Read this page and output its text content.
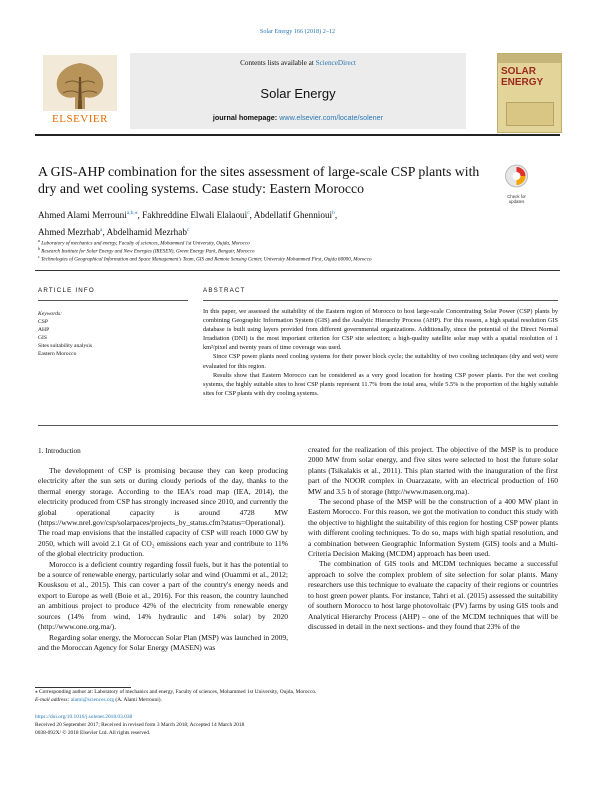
Solar Energy 166 (2018) 2–12
ELSEVIER
Contents lists available at ScienceDirect
Solar Energy
journal homepage: www.elsevier.com/locate/solener
SOLAR ENERGY
A GIS-AHP combination for the sites assessment of large-scale CSP plants with dry and wet cooling systems. Case study: Eastern Morocco
Check for updates
Ahmed Alami Merrouni$^{a,b,⁎}$, Fakhreddine Elwali Elalaoui$^c$, Abdellatif Ghennioui$^b$,
Ahmed Mezrhab$^a$, Abdelhamid Mezrhab$^c$
$^a$ Laboratory of mechanics and energy, Faculty of sciences, Mohammed 1st University, Oujda, Morocco
$^b$ Research Institute for Solar Energy and New Energies (IRESEN), Green Energy Park, Benguir, Morocco
$^c$ Technologies of Geographical Information and Space Management's Team, GIS and Remote Sensing Center, University Mohammed First, Oujda 60000, Morocco
ARTICLE INFO
Keywords:
CSP
AHP
GIS
Sites suitability analysis
Eastern Morocco
ABSTRACT

In this paper, we assessed the suitability of the Eastern region of Morocco to host large-scale Concentrating Solar Power (CSP) plants by combining Geographic Information System (GIS) and the Analytic Hierarchy Process (AHP). For this reason, a high spatial resolution GIS database is built using layers provided from different governmental organizations. Additionally, since the potential of the Direct Normal Irradiation (DNI) is the most important criterion for CSP site selection; a high-quality satellite solar map with a spatial resolution of 1 km²/pixel and twenty years of time coverage was used.

Since CSP power plants need cooling systems for their power block cycle; the suitability of two cooling techniques (dry and wet) were evaluated for this region.

Results show that Eastern Morocco can be considered as a very good location for hosting CSP power plants. For the wet cooling systems, the highly suitable sites to host CSP plants represent 11.7% from the total area, while 5.5% is the proportion of the highly suitable sites for CSP plants with dry cooling systems.

1. Introduction

The development of CSP is promising because they can keep producing electricity after the sun sets or during cloudy periods of the day, thanks to the thermal energy storage. According to the IEA's road map (IEA, 2014), the electricity produced from CSP has strongly increased since 2010, and currently the global operational capacity is around 4728 MW (https://www.nrel.gov/csp/solarpaces/projects_by_status.cfm?status=Operational). The road map envisions that the installed capacity of CSP will reach 1000 GW by 2050, which will avoid 2.1 Gt of CO₂ emissions each year and contribute to 11% of the global electricity production.

Morocco is a deficient country regarding fossil fuels, but it has the potential to be a source of renewable energy, particularly solar and wind (Ouammi et al., 2012; Kousksou et al., 2015). This can cover a part of the country's energy needs and export to Europe as well (Boie et al., 2016). For this reason, the country launched an ambitious project to produce 42% of the electricity from renewable energy sources (14% from wind, 14% hydraulic and 14% solar) by 2020 (http://www.one.org.ma/).

Regarding solar energy, the Moroccan Solar Plan (MSP) was launched in 2009, and the Moroccan Agency for Solar Energy (MASEN) was

created for the realization of this project. The objective of the MSP is to produce 2000 MW from solar energy, and five sites were selected to host the future solar plants (Tsikalakis et al., 2011). This plan started with the inauguration of the first part of the NOOR complex in Ouarzazate, with an electrical production of 160 MW and 3.5 h of storage (http://www.masen.org.ma).

The second phase of the MSP will be the construction of a 400 MW plant in Eastern Morocco. For this reason, we got the motivation to conduct this study with the objective to highlight the suitability of this region for hosting CSP power plants with different cooling techniques. To do so, maps with high spatial resolution, and a combination between Geographic Information System (GIS) tools and a Multi-Criteria Decision Making (MCDM) approach has been used.

The combination of GIS tools and MCDM techniques became a successful approach to solve the complex problem of site selection for solar plants. Many researchers use this technique to evaluate the capacity of their regions or countries to host green power plants. For instance, Tahri et al. (2015) assessed the suitability of southern Morocco to host large photovoltaic (PV) farms by using GIS tools and Analytical Hierarchy Process (AHP) – one of the MCDM techniques that will be discussed in detail in the next sections- and they found that 23% of the

⁎ Corresponding author at: Laboratory of mechanics and energy, Faculty of sciences, Mohammed 1st University, Oujda, Morocco.
E-mail address: alami@sciences.org (A. Alami Merrouni).
https://doi.org/10.1016/j.solener.2018.03.038
Received 20 September 2017; Received in revised form 3 March 2018; Accepted 14 March 2018
0038-092X/ © 2018 Elsevier Ltd. All rights reserved.
